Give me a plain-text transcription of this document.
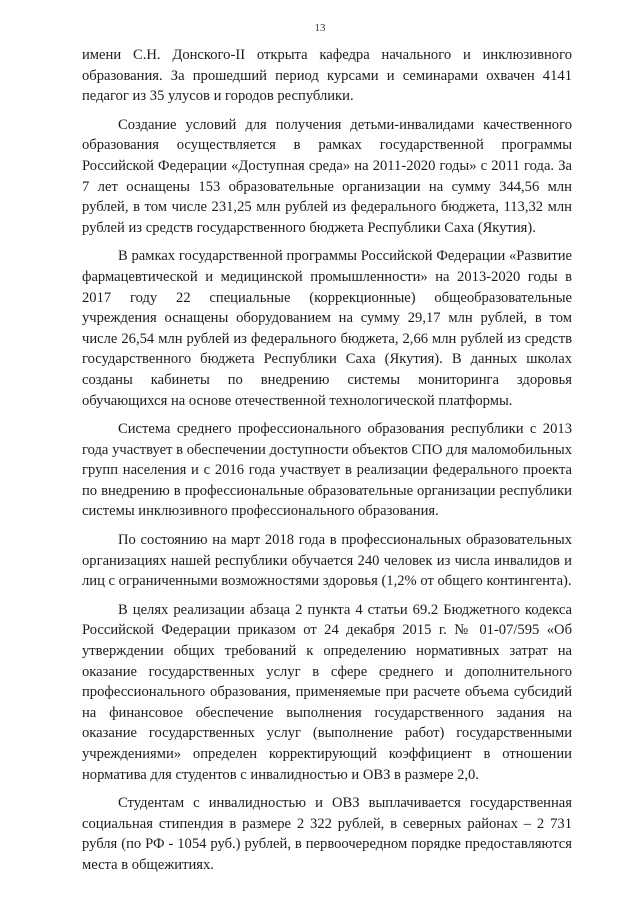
13

имени С.Н. Донского-II открыта кафедра начального и инклюзивного образования. За прошедший период курсами и семинарами охвачен 4141 педагог из 35 улусов и городов республики.

Создание условий для получения детьми-инвалидами качественного образования осуществляется в рамках государственной программы Российской Федерации «Доступная среда» на 2011-2020 годы» с 2011 года. За 7 лет оснащены 153 образовательные организации на сумму 344,56 млн рублей, в том числе 231,25 млн рублей из федерального бюджета, 113,32 млн рублей из средств государственного бюджета Республики Саха (Якутия).

В рамках государственной программы Российской Федерации «Развитие фармацевтической и медицинской промышленности» на 2013-2020 годы в 2017 году 22 специальные (коррекционные) общеобразовательные учреждения оснащены оборудованием на сумму 29,17 млн рублей, в том числе 26,54 млн рублей из федерального бюджета, 2,66 млн рублей из средств государственного бюджета Республики Саха (Якутия). В данных школах созданы кабинеты по внедрению системы мониторинга здоровья обучающихся на основе отечественной технологической платформы.

Система среднего профессионального образования республики с 2013 года участвует в обеспечении доступности объектов СПО для маломобильных групп населения и с 2016 года участвует в реализации федерального проекта по внедрению в профессиональные образовательные организации республики системы инклюзивного профессионального образования.

По состоянию на март 2018 года в профессиональных образовательных организациях нашей республики обучается 240 человек из числа инвалидов и лиц с ограниченными возможностями здоровья (1,2% от общего контингента).

В целях реализации абзаца 2 пункта 4 статьи 69.2 Бюджетного кодекса Российской Федерации приказом от 24 декабря 2015 г. № 01-07/595 «Об утверждении общих требований к определению нормативных затрат на оказание государственных услуг в сфере среднего и дополнительного профессионального образования, применяемые при расчете объема субсидий на финансовое обеспечение выполнения государственного задания на оказание государственных услуг (выполнение работ) государственными учреждениями» определен корректирующий коэффициент в отношении норматива для студентов с инвалидностью и ОВЗ в размере 2,0.

Студентам с инвалидностью и ОВЗ выплачивается государственная социальная стипендия в размере 2 322 рублей, в северных районах – 2 731 рубля (по РФ - 1054 руб.) рублей, в первоочередном порядке предоставляются места в общежитиях.
